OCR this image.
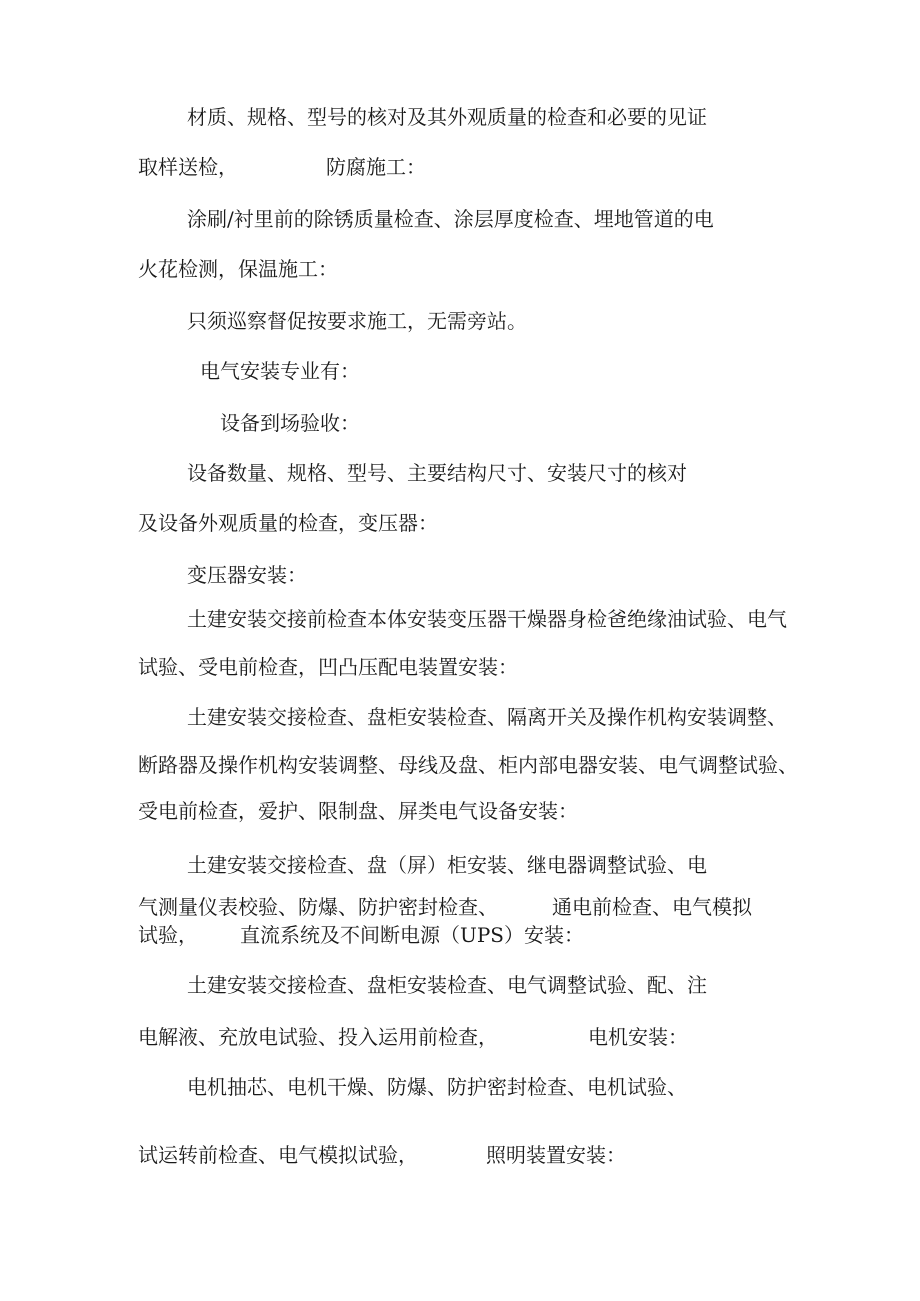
材质、规格、型号的核对及其外观质量的检查和必要的见证
取样送检，	防腐施工：
涂刷/衬里前的除锈质量检查、涂层厚度检查、埋地管道的电
火花检测，保温施工：
只须巡察督促按要求施工，无需旁站。
电气安装专业有：
设备到场验收：
设备数量、规格、型号、主要结构尺寸、安装尺寸的核对
及设备外观质量的检查，变压器：
变压器安装：
土建安装交接前检查本体安装变压器干燥器身检爸绝缘油试验、电气
试验、受电前检查，凹凸压配电装置安装：
土建安装交接检查、盘柜安装检查、隔离开关及操作机构安装调整、
断路器及操作机构安装调整、母线及盘、柜内部电器安装、电气调整试验、
受电前检查，爱护、限制盘、屏类电气设备安装：
土建安装交接检查、盘（屏）柜安装、继电器调整试验、电
气测量仪表校验、防爆、防护密封检查、	通电前检查、电气模拟
试验， 直流系统及不间断电源（UPS）安装：
土建安装交接检查、盘柜安装检查、电气调整试验、配、注
电解液、充放电试验、投入运用前检查，	电机安装：
电机抽芯、电机干燥、防爆、防护密封检查、电机试验、
试运转前检查、电气模拟试验，	照明装置安装：
